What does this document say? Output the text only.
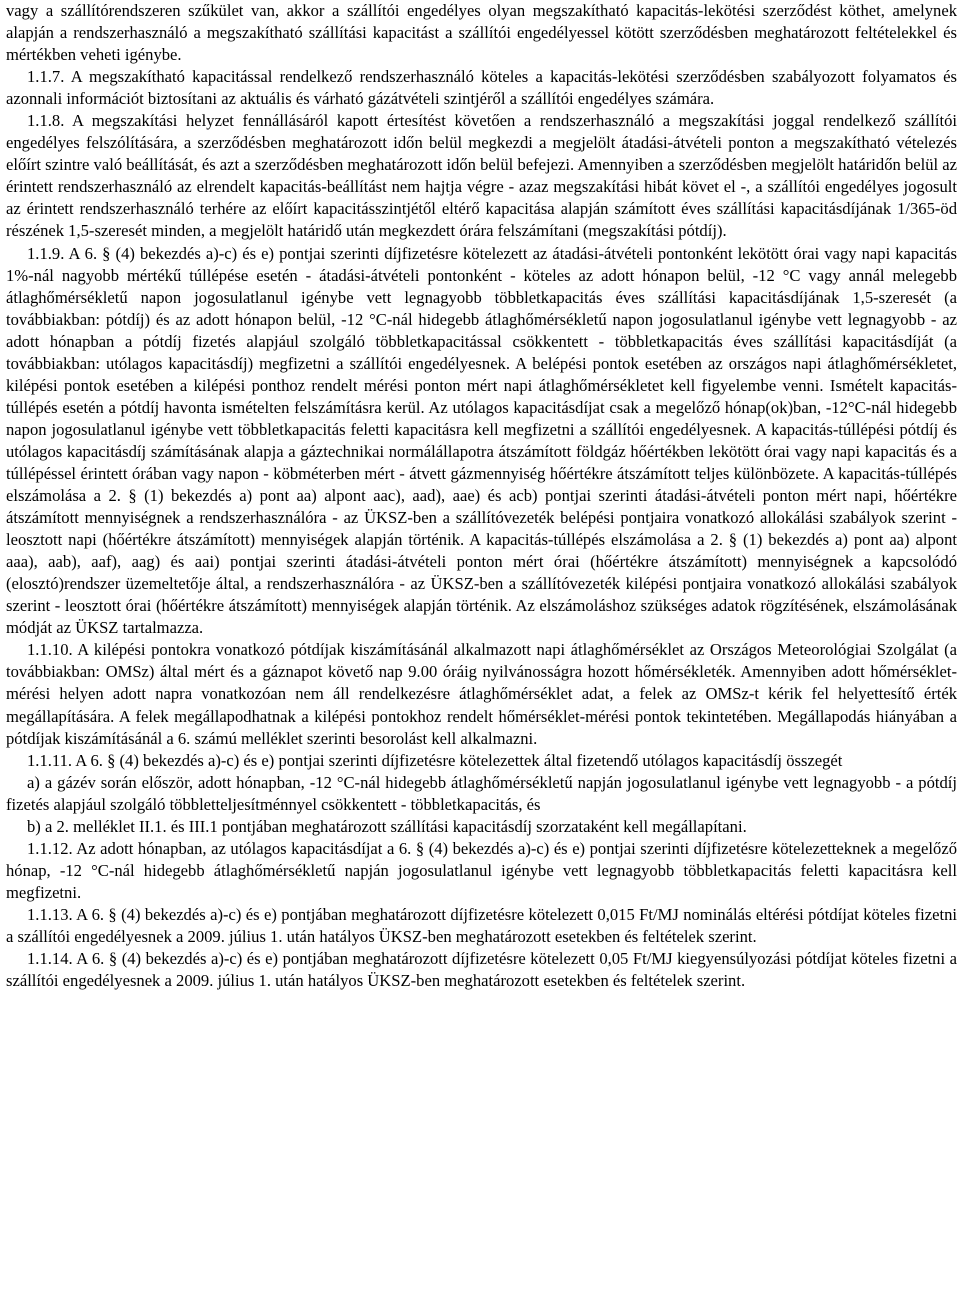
vagy a szállítórendszeren szűkület van, akkor a szállítói engedélyes olyan megszakítható kapacitás-lekötési szerződést köthet, amelynek alapján a rendszerhasználó a megszakítható szállítási kapacitást a szállítói engedélyessel kötött szerződésben meghatározott feltételekkel és mértékben veheti igénybe.

1.1.7. A megszakítható kapacitással rendelkező rendszerhasználó köteles a kapacitás-lekötési szerződésben szabályozott folyamatos és azonnali információt biztosítani az aktuális és várható gázátvételi szintjéről a szállítói engedélyes számára.

1.1.8. A megszakítási helyzet fennállásáról kapott értesítést követően a rendszerhasználó a megszakítási joggal rendelkező szállítói engedélyes felszólítására, a szerződésben meghatározott időn belül megkezdi a megjelölt átadási-átvételi ponton a megszakítható vételezés előírt szintre való beállítását, és azt a szerződésben meghatározott időn belül befejezi. Amennyiben a szerződésben megjelölt határidőn belül az érintett rendszerhasználó az elrendelt kapacitás-beállítást nem hajtja végre - azaz megszakítási hibát követ el -, a szállítói engedélyes jogosult az érintett rendszerhasználó terhére az előírt kapacitásszintjétől eltérő kapacitása alapján számított éves szállítási kapacitásdíjának 1/365-öd részének 1,5-szeresét minden, a megjelölt határidő után megkezdett órára felszámítani (megszakítási pótdíj).

1.1.9. A 6. § (4) bekezdés a)-c) és e) pontjai szerinti díjfizetésre kötelezett az átadási-átvételi pontonként lekötött órai vagy napi kapacitás 1%-nál nagyobb mértékű túllépése esetén - átadási-átvételi pontonként - köteles az adott hónapon belül, -12 °C vagy annál melegebb átlaghőmérsékletű napon jogosulatlanul igénybe vett legnagyobb többletkapacitás éves szállítási kapacitásdíjának 1,5-szeresét (a továbbiakban: pótdíj) és az adott hónapon belül, -12 °C-nál hidegebb átlaghőmérsékletű napon jogosulatlanul igénybe vett legnagyobb - az adott hónapban a pótdíj fizetés alapjául szolgáló többletkapacitással csökkentett - többletkapacitás éves szállítási kapacitásdíját (a továbbiakban: utólagos kapacitásdíj) megfizetni a szállítói engedélyesnek. A belépési pontok esetében az országos napi átlaghőmérsékletet, kilépési pontok esetében a kilépési ponthoz rendelt mérési ponton mért napi átlaghőmérsékletet kell figyelembe venni. Ismételt kapacitás-túllépés esetén a pótdíj havonta ismételten felszámításra kerül. Az utólagos kapacitásdíjat csak a megelőző hónap(ok)ban, -12°C-nál hidegebb napon jogosulatlanul igénybe vett többletkapacitás feletti kapacitásra kell megfizetni a szállítói engedélyesnek. A kapacitás-túllépési pótdíj és utólagos kapacitásdíj számításának alapja a gáztechnikai normálállapotra átszámított földgáz hőértékben lekötött órai vagy napi kapacitás és a túllépéssel érintett órában vagy napon - köbméterben mért - átvett gázmennyiség hőértékre átszámított teljes különbözete. A kapacitás-túllépés elszámolása a 2. § (1) bekezdés a) pont aa) alpont aac), aad), aae) és acb) pontjai szerinti átadási-átvételi ponton mért napi, hőértékre átszámított mennyiségnek a rendszerhasználóra - az ÜKSZ-ben a szállítóvezeték belépési pontjaira vonatkozó allokálási szabályok szerint - leosztott napi (hőértékre átszámított) mennyiségek alapján történik. A kapacitás-túllépés elszámolása a 2. § (1) bekezdés a) pont aa) alpont aaa), aab), aaf), aag) és aai) pontjai szerinti átadási-átvételi ponton mért órai (hőértékre átszámított) mennyiségnek a kapcsolódó (elosztó)rendszer üzemeltetője által, a rendszerhasználóra - az ÜKSZ-ben a szállítóvezeték kilépési pontjaira vonatkozó allokálási szabályok szerint - leosztott órai (hőértékre átszámított) mennyiségek alapján történik. Az elszámoláshoz szükséges adatok rögzítésének, elszámolásának módját az ÜKSZ tartalmazza.

1.1.10. A kilépési pontokra vonatkozó pótdíjak kiszámításánál alkalmazott napi átlaghőmérséklet az Országos Meteorológiai Szolgálat (a továbbiakban: OMSz) által mért és a gáznapot követő nap 9.00 óráig nyilvánosságra hozott hőmérsékleték. Amennyiben adott hőmérséklet-mérési helyen adott napra vonatkozóan nem áll rendelkezésre átlaghőmérséklet adat, a felek az OMSz-t kérik fel helyettesítő érték megállapítására. A felek megállapodhatnak a kilépési pontokhoz rendelt hőmérséklet-mérési pontok tekintetében. Megállapodás hiányában a pótdíjak kiszámításánál a 6. számú melléklet szerinti besorolást kell alkalmazni.

1.1.11. A 6. § (4) bekezdés a)-c) és e) pontjai szerinti díjfizetésre kötelezettek által fizetendő utólagos kapacitásdíj összegét

a) a gázév során először, adott hónapban, -12 °C-nál hidegebb átlaghőmérsékletű napján jogosulatlanul igénybe vett legnagyobb - a pótdíj fizetés alapjául szolgáló többletteljesítménnyel csökkentett - többletkapacitás, és

b) a 2. melléklet II.1. és III.1 pontjában meghatározott szállítási kapacitásdíj szorzataként kell megállapítani.

1.1.12. Az adott hónapban, az utólagos kapacitásdíjat a 6. § (4) bekezdés a)-c) és e) pontjai szerinti díjfizetésre kötelezetteknek a megelőző hónap, -12 °C-nál hidegebb átlaghőmérsékletű napján jogosulatlanul igénybe vett legnagyobb többletkapacitás feletti kapacitásra kell megfizetni.

1.1.13. A 6. § (4) bekezdés a)-c) és e) pontjában meghatározott díjfizetésre kötelezett 0,015 Ft/MJ nominálás eltérési pótdíjat köteles fizetni a szállítói engedélyesnek a 2009. július 1. után hatályos ÜKSZ-ben meghatározott esetekben és feltételek szerint.

1.1.14. A 6. § (4) bekezdés a)-c) és e) pontjában meghatározott díjfizetésre kötelezett 0,05 Ft/MJ kiegyensúlyozási pótdíjat köteles fizetni a szállítói engedélyesnek a 2009. július 1. után hatályos ÜKSZ-ben meghatározott esetekben és feltételek szerint.
